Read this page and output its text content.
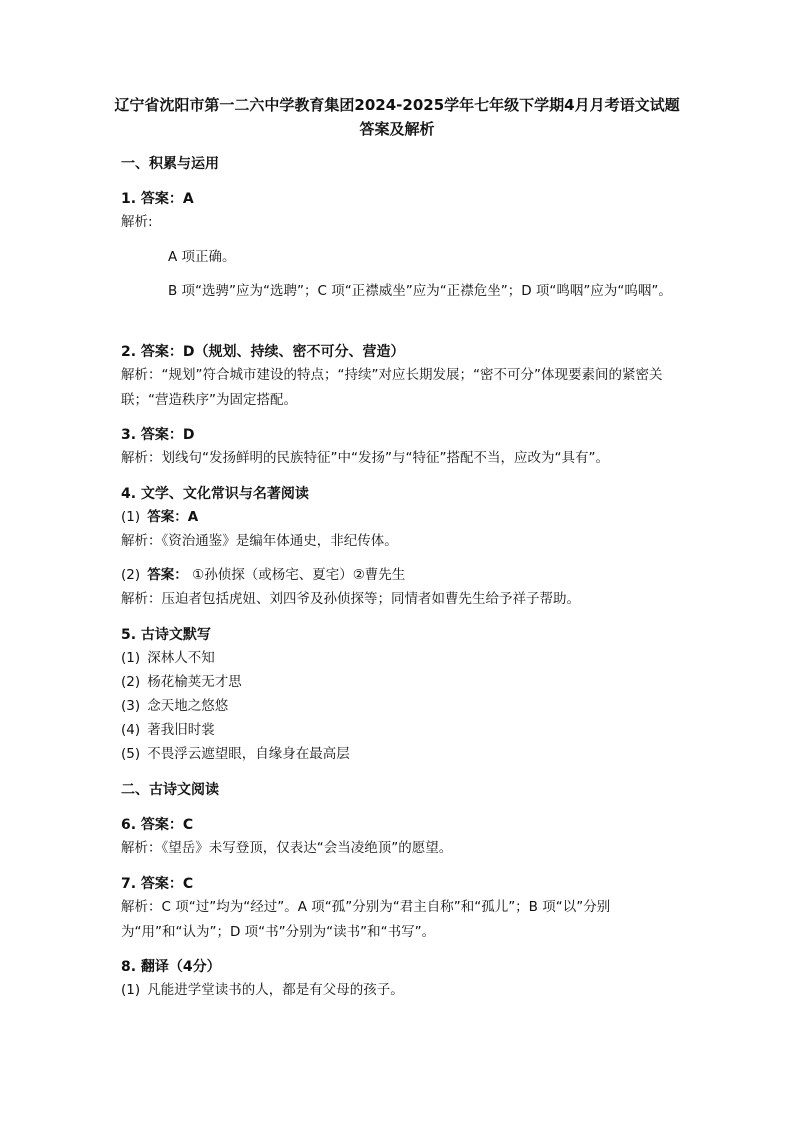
辽宁省沈阳市第一二六中学教育集团2024-2025学年七年级下学期4月月考语文试题
答案及解析
一、积累与运用
1. 答案：A
解析:
A 项正确。
B 项“选骋”应为“选聘”；C 项“正襟威坐”应为“正襟危坐”；D 项“鸣咽”应为“呜咽”。
2. 答案：D（规划、持续、密不可分、营造）
解析：“规划”符合城市建设的特点；“持续”对应长期发展；“密不可分”体现要素间的紧密关联；“营造秩序”为固定搭配。
3. 答案：D
解析：划线句“发扬鲜明的民族特征”中“发扬”与“特征”搭配不当，应改为“具有”。
4. 文学、文化常识与名著阅读
(1) 答案：A
解析：《资治通鉴》是编年体通史，非纪传体。
(2) 答案： ①孙侦探（或杨宅、夏宅）②曹先生
解析：压迫者包括虎妞、刘四爷及孙侦探等；同情者如曹先生给予祥子帮助。
5. 古诗文默写
(1) 深林人不知
(2) 杨花榆荚无才思
(3) 念天地之悠悠
(4) 著我旧时裳
(5) 不畏浮云遮望眼，自缘身在最高层
二、古诗文阅读
6. 答案：C
解析：《望岳》未写登顶，仅表达“会当凌绝顶”的愿望。
7. 答案：C
解析：C 项“过”均为“经过”。A 项“孤”分别为“君主自称”和“孤儿”；B 项“以”分别为“用”和“认为”；D 项“书”分别为“读书”和“书写”。
8. 翻译（4分）
(1) 凡能进学堂读书的人，都是有父母的孩子。
